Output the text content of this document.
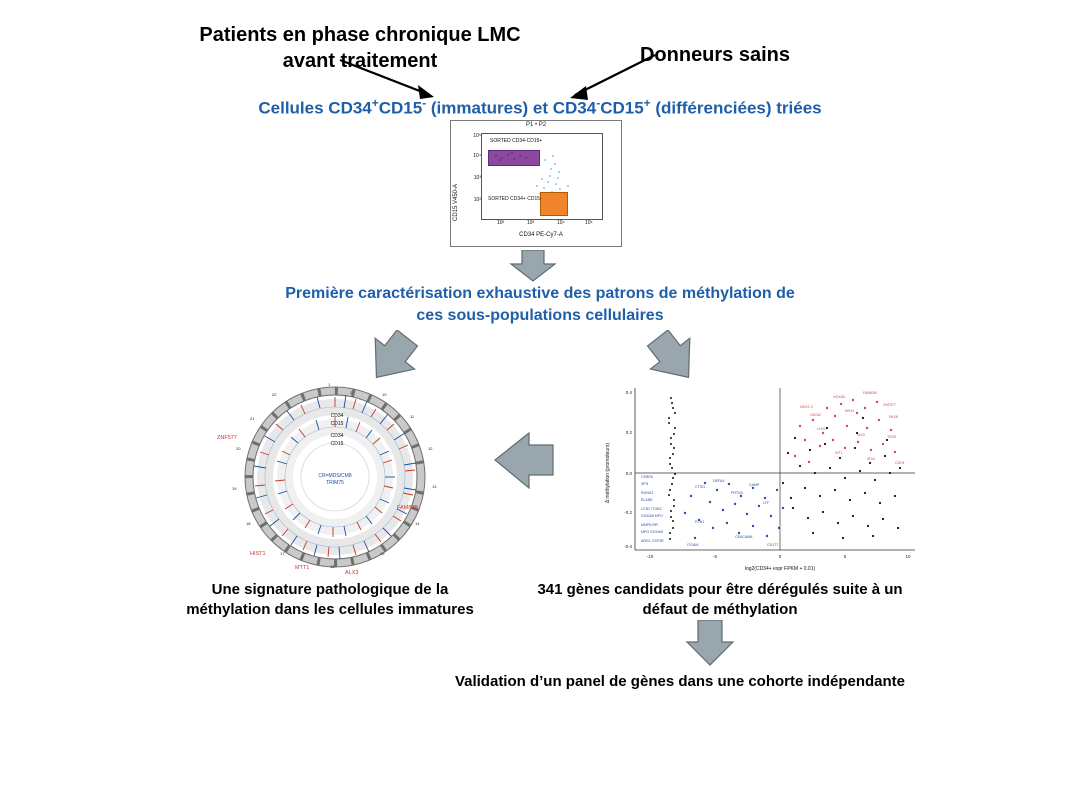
Patients en phase chronique LMC
avant traitement	Donneurs sains
Cellules CD34+CD15- (immatures) et CD34-CD15+ (différenciées) triées
P1 • P2
CD15 V450-A
10⁵
10⁴
10³
10²
SORTED CD34-CD15+
SORTED CD34+ CD15-
10²	10³	10⁴	10⁵
CD34 PE-Cy7-A
Première caractérisation exhaustive des patrons de méthylation de
ces sous-populations cellulaires
CD34
CD15
CD34
CD15
CR=MDS/CM8
TRIM75
ZNF577
FAM83B
MTT1
ALX3
HIST1
1
2
22
21
20
19
18
17
16
15
14
13
12
11
10	0.4
0.2
0.0
-0.2
-0.4
-10	-5	0	5	10
log2(CD34+ expr FPKM + 0.01)
Δ méthylation (promoteurs)
HOXA5
FAM83B
NKX2-3	ZNF577
GATA2
MSX1
PAX6
LHX2
SIX3	TBX5
WT1
IRX4
CDH1
CEBPA
SPI1
RUNX3
ELANE
LCN2 ITGB2
S100A8 MPO
MMP8 BPI
MPO S100A9
ARG1 CSF3R
CTSG
DEFA4
PRTN3
CAMP
LTF
FCN1
CEACAM8
CD177
ITGAM
Une signature pathologique de la
méthylation dans les cellules immatures
341 gènes candidats pour être dérégulés suite à un
défaut de méthylation
Validation d’un panel de gènes dans une cohorte indépendante
